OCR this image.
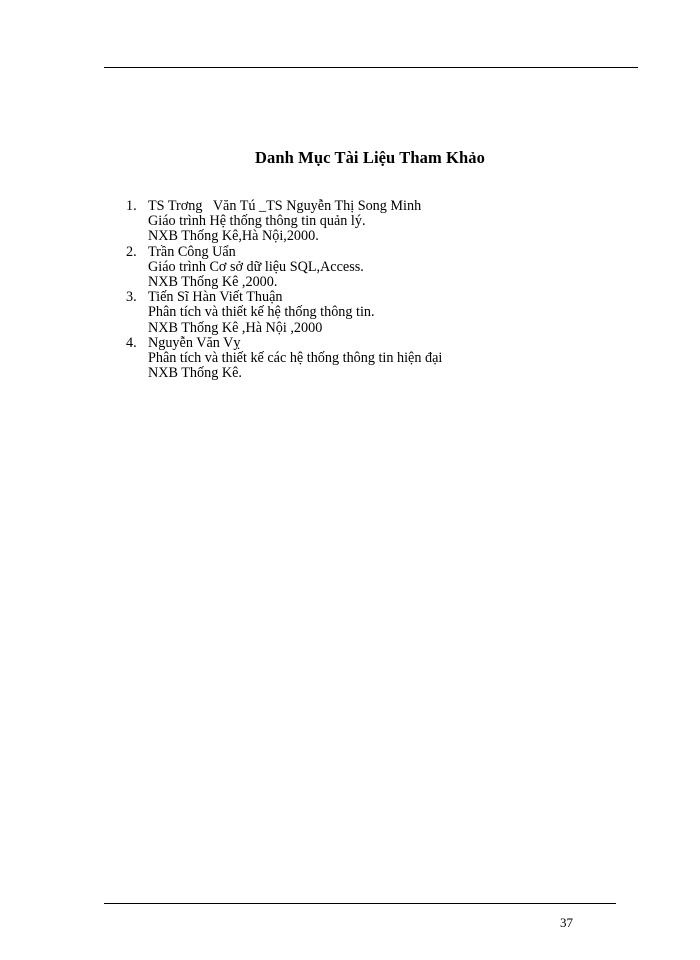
Danh Mục Tài Liệu Tham Khảo
1. TS Trơng   Văn Tú _TS Nguyễn Thị Song Minh
Giáo trình Hệ thống thông tin quản lý.
NXB Thống Kê,Hà Nội,2000.
2. Trần Công Uẩn
Giáo trình Cơ sở dữ liệu SQL,Access.
NXB Thống Kê ,2000.
3. Tiến Sĩ Hàn Viết Thuận
Phân tích và thiết kế hệ thống thông tin.
NXB Thống Kê ,Hà Nội ,2000
4. Nguyễn Văn Vỵ
Phân tích và thiết kế các hệ thống thông tin hiện đại
NXB Thống Kê.
37
